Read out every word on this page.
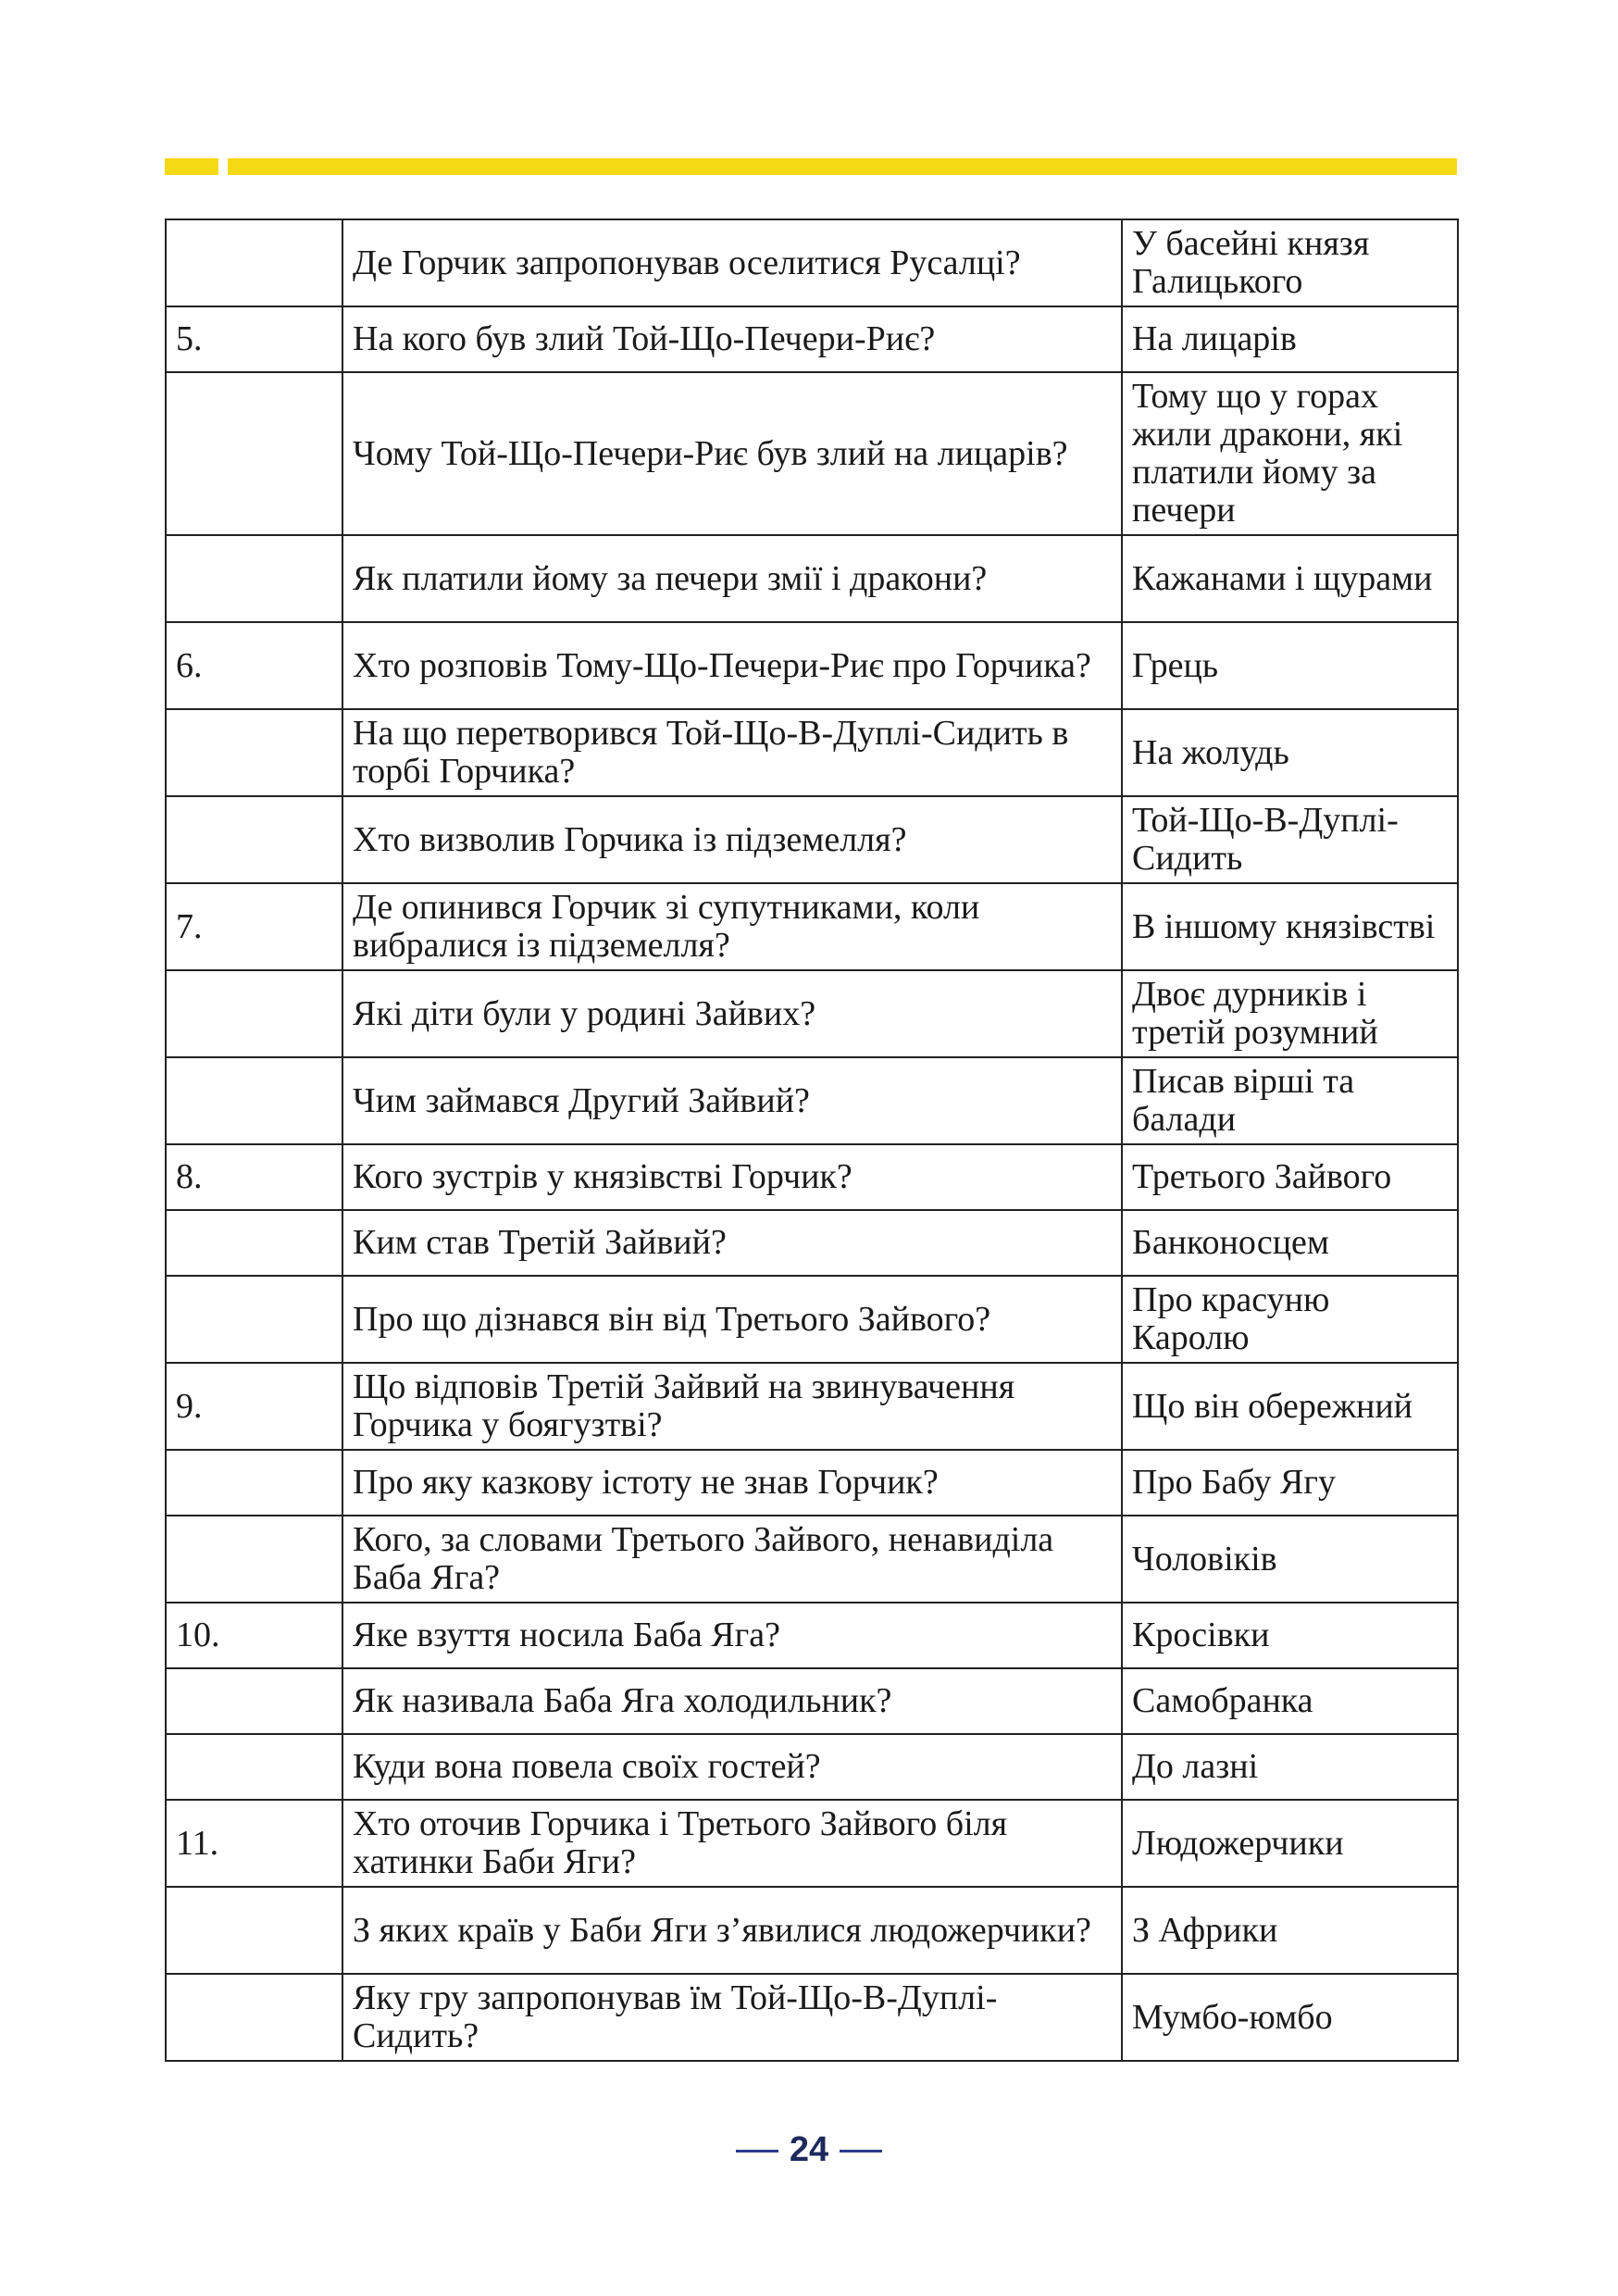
	Де Горчик запропонував оселитися Русалці?	У басейні князя Галицького
5.	На кого був злий Той-Що-Печери-Риє?	На лицарів
	Чому Той-Що-Печери-Риє був злий на лицарів?	Тому що у горах жили дракони, які платили йому за печери
	Як платили йому за печери змії і дракони?	Кажанами і щурами
6.	Хто розповів Тому-Що-Печери-Риє про Горчика?	Грець
	На що перетворився Той-Що-В-Дуплі-Сидить в торбі Горчика?	На жолудь
	Хто визволив Горчика із підземелля?	Той-Що-В-Дуплі-Сидить
7.	Де опинився Горчик зі супутниками, коли вибралися із підземелля?	В іншому князівстві
	Які діти були у родині Зайвих?	Двоє дурників і третій розумний
	Чим займався Другий Зайвий?	Писав вірші та балади
8.	Кого зустрів у князівстві Горчик?	Третього Зайвого
	Ким став Третій Зайвий?	Банконосцем
	Про що дізнався він від Третього Зайвого?	Про красуню Каролю
9.	Що відповів Третій Зайвий на звинувачення Горчика у боягузтві?	Що він обережний
	Про яку казкову істоту не знав Горчик?	Про Бабу Ягу
	Кого, за словами Третього Зайвого, ненавиділа Баба Яга?	Чоловіків
10.	Яке взуття носила Баба Яга?	Кросівки
	Як називала Баба Яга холодильник?	Самобранка
	Куди вона повела своїх гостей?	До лазні
11.	Хто оточив Горчика і Третього Зайвого біля хатинки Баби Яги?	Людожерчики
	З яких країв у Баби Яги з’явилися людожерчики?	З Африки
	Яку гру запропонував їм Той-Що-В-Дуплі-Сидить?	Мумбо-юмбо
24
